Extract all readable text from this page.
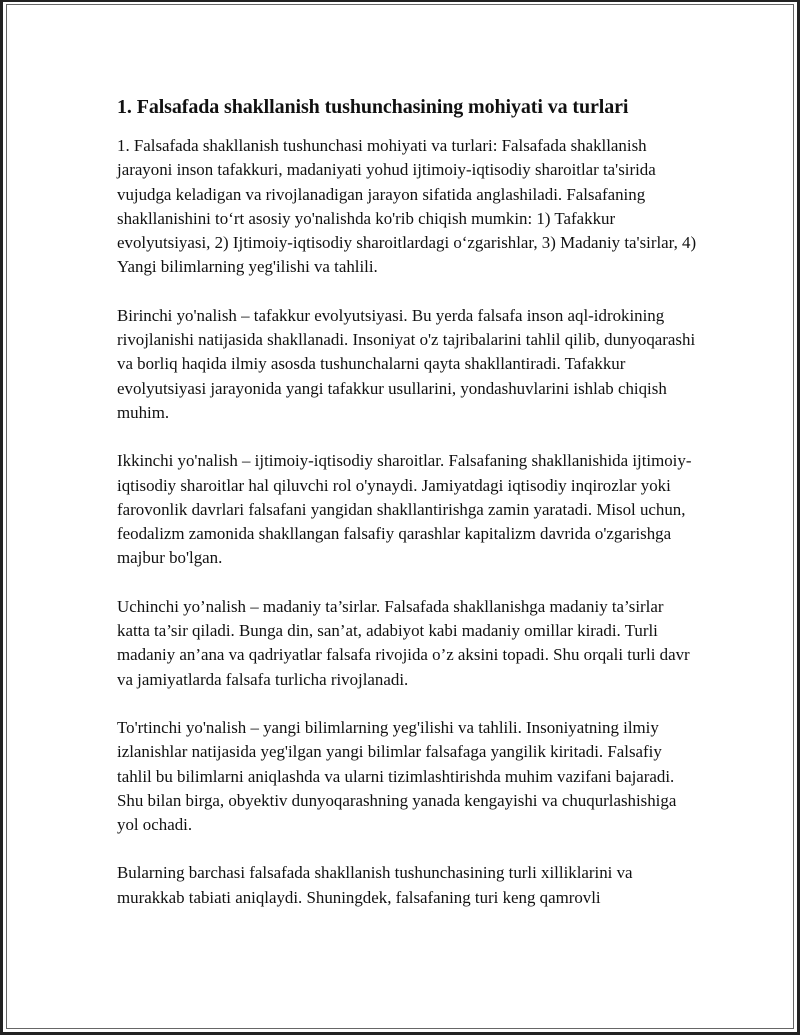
1. Falsafada shakllanish tushunchasining mohiyati va turlari

1. Falsafada shakllanish tushunchasi mohiyati va turlari: Falsafada shakllanish jarayoni inson tafakkuri, madaniyati yohud ijtimoiy-iqtisodiy sharoitlar ta'sirida vujudga keladigan va rivojlanadigan jarayon sifatida anglashiladi. Falsafaning shakllanishini to‘rt asosiy yo'nalishda ko'rib chiqish mumkin: 1) Tafakkur evolyutsiyasi, 2) Ijtimoiy-iqtisodiy sharoitlardagi o‘zgarishlar, 3) Madaniy ta'sirlar, 4) Yangi bilimlarning yeg'ilishi va tahlili.

Birinchi yo'nalish – tafakkur evolyutsiyasi. Bu yerda falsafa inson aql-idrokining rivojlanishi natijasida shakllanadi. Insoniyat o'z tajribalarini tahlil qilib, dunyoqarashi va borliq haqida ilmiy asosda tushunchalarni qayta shakllantiradi. Tafakkur evolyutsiyasi jarayonida yangi tafakkur usullarini, yondashuvlarini ishlab chiqish muhim.

Ikkinchi yo'nalish – ijtimoiy-iqtisodiy sharoitlar. Falsafaning shakllanishida ijtimoiy-iqtisodiy sharoitlar hal qiluvchi rol o'ynaydi. Jamiyatdagi iqtisodiy inqirozlar yoki farovonlik davrlari falsafani yangidan shakllantirishga zamin yaratadi. Misol uchun, feodalizm zamonida shakllangan falsafiy qarashlar kapitalizm davrida o'zgarishga majbur bo'lgan.

Uchinchi yo’nalish – madaniy ta’sirlar. Falsafada shakllanishga madaniy ta’sirlar katta ta’sir qiladi. Bunga din, san’at, adabiyot kabi madaniy omillar kiradi. Turli madaniy an’ana va qadriyatlar falsafa rivojida o’z aksini topadi. Shu orqali turli davr va jamiyatlarda falsafa turlicha rivojlanadi.

To'rtinchi yo'nalish – yangi bilimlarning yeg'ilishi va tahlili. Insoniyatning ilmiy izlanishlar natijasida yeg'ilgan yangi bilimlar falsafaga yangilik kiritadi. Falsafiy tahlil bu bilimlarni aniqlashda va ularni tizimlashtirishda muhim vazifani bajaradi. Shu bilan birga, obyektiv dunyoqarashning yanada kengayishi va chuqurlashishiga yol ochadi.

Bularning barchasi falsafada shakllanish tushunchasining turli xilliklarini va murakkab tabiati aniqlaydi. Shuningdek, falsafaning turi keng qamrovli
